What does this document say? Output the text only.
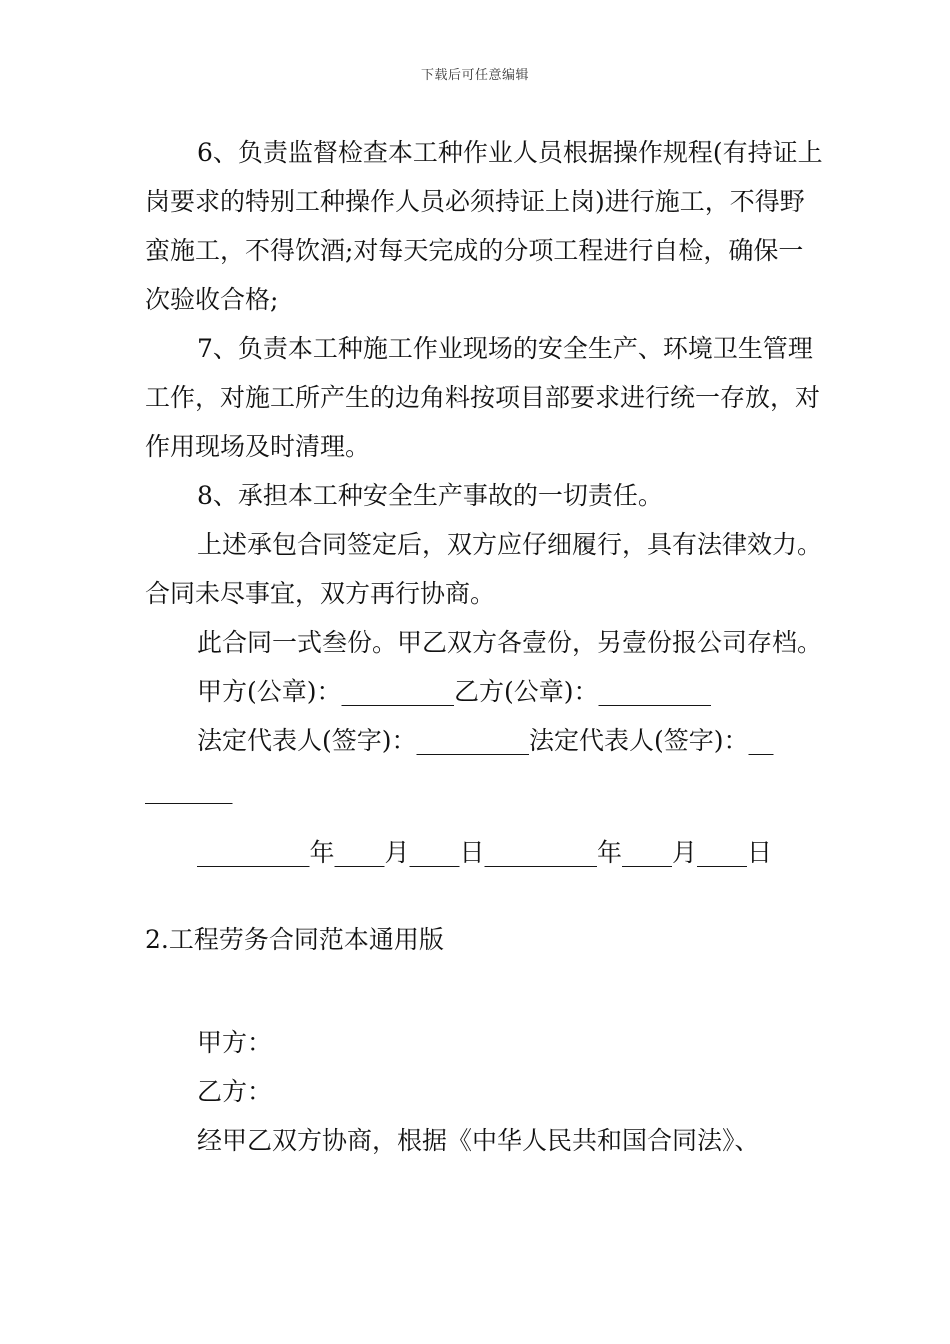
下载后可任意编辑

6、负责监督检查本工种作业人员根据操作规程(有持证上岗要求的特别工种操作人员必须持证上岗)进行施工，不得野蛮施工，不得饮酒;对每天完成的分项工程进行自检，确保一次验收合格;

7、负责本工种施工作业现场的安全生产、环境卫生管理工作，对施工所产生的边角料按项目部要求进行统一存放，对作用现场及时清理。

8、承担本工种安全生产事故的一切责任。

上述承包合同签定后，双方应仔细履行，具有法律效力。合同未尽事宜，双方再行协商。

此合同一式叁份。甲乙双方各壹份，另壹份报公司存档。

甲方(公章)：_________乙方(公章)：_________

法定代表人(签字)：_________法定代表人(签字)：__

_______

_________年____月____日_________年____月____日

2.工程劳务合同范本通用版

甲方：

乙方：

经甲乙双方协商，根据《中华人民共和国合同法》、
